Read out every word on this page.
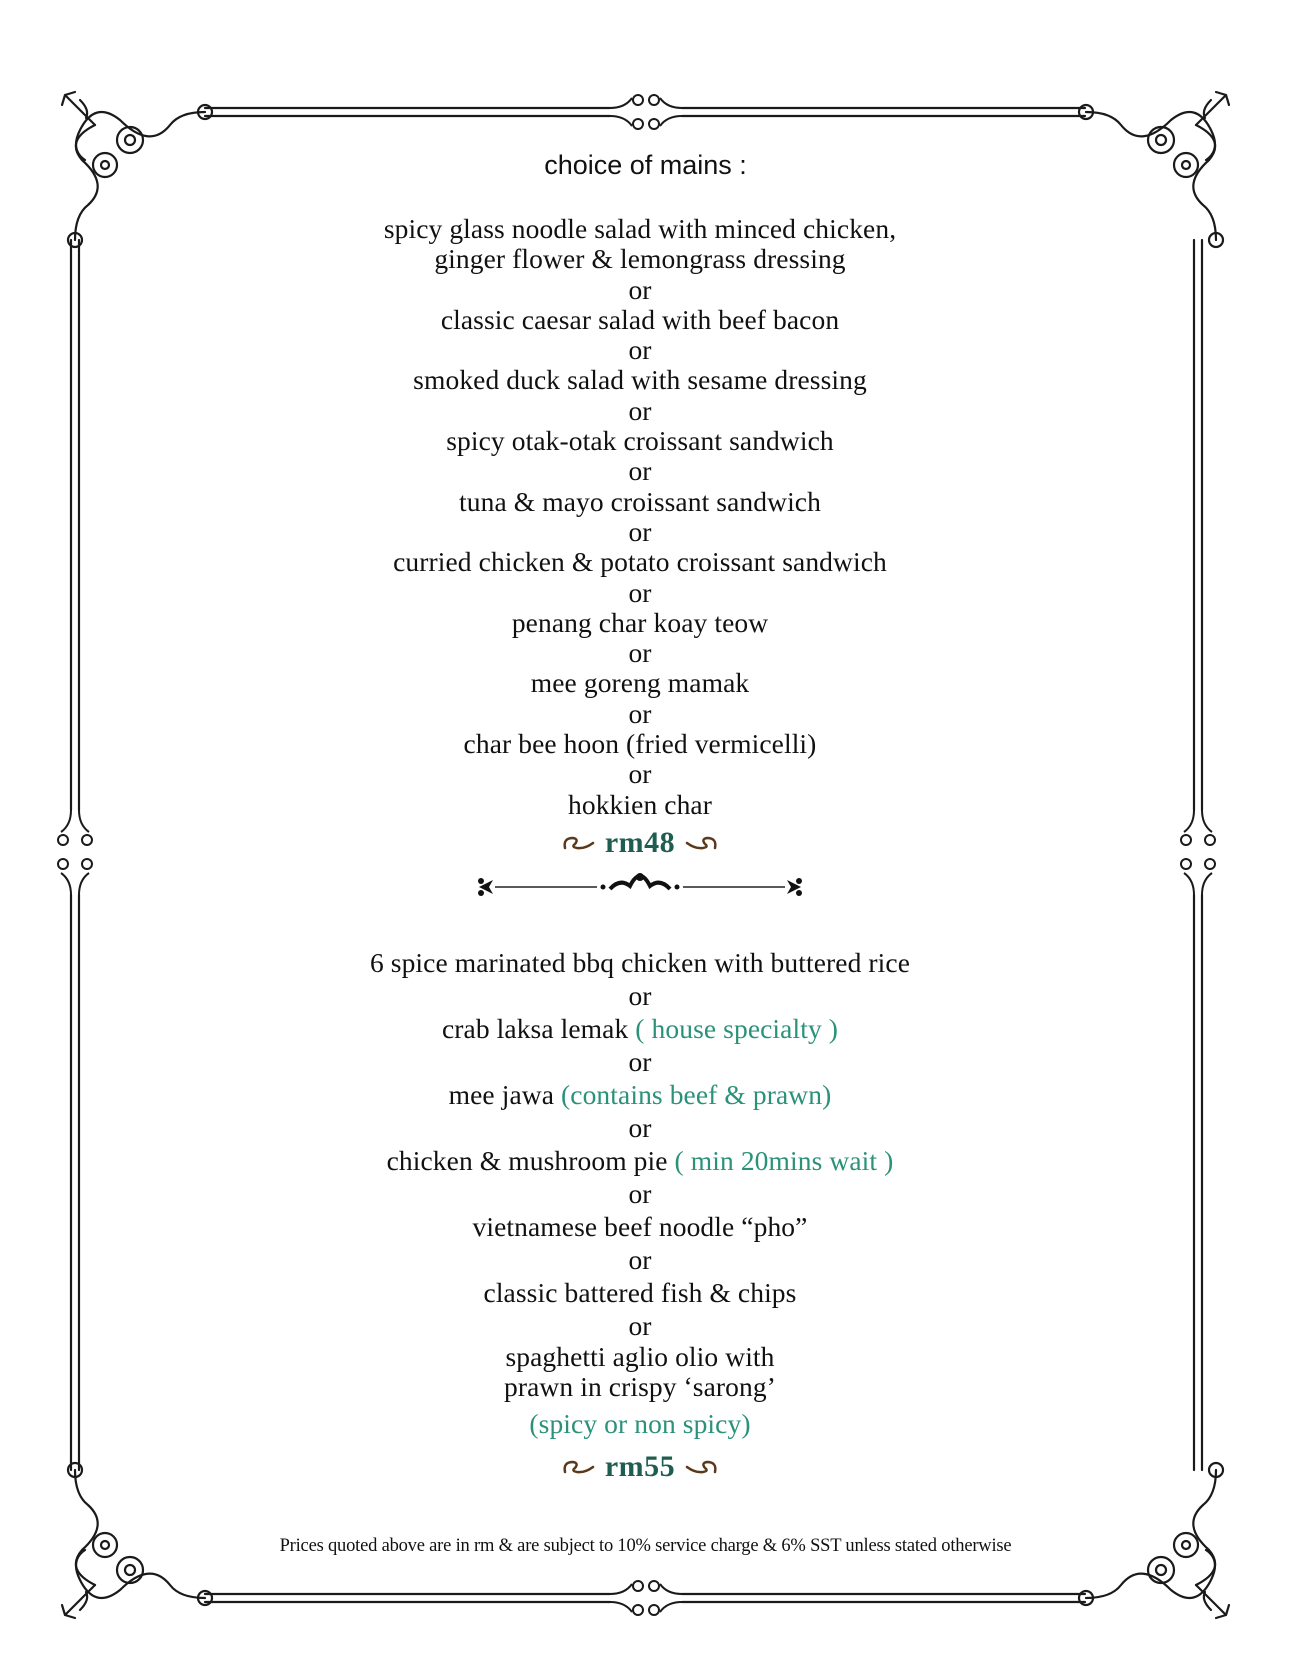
choice of mains :
spicy glass noodle salad with minced chicken,
ginger flower & lemongrass dressing
or
classic caesar salad with beef bacon
or
smoked duck salad with sesame dressing
or
spicy otak-otak croissant sandwich
or
tuna & mayo croissant sandwich
or
curried chicken & potato croissant sandwich
or
penang char koay teow
or
mee goreng mamak
or
char bee hoon (fried vermicelli)
or
hokkien char
rm48
6 spice marinated bbq chicken with buttered rice
or
crab laksa lemak ( house specialty )
or
mee jawa (contains beef & prawn)
or
chicken & mushroom pie ( min 20mins wait )
or
vietnamese beef noodle “pho”
or
classic battered fish & chips
or
spaghetti aglio olio with
prawn in crispy ‘sarong’
(spicy or non spicy)
rm55
Prices quoted above are in rm & are subject to 10% service charge & 6% SST unless stated otherwise
